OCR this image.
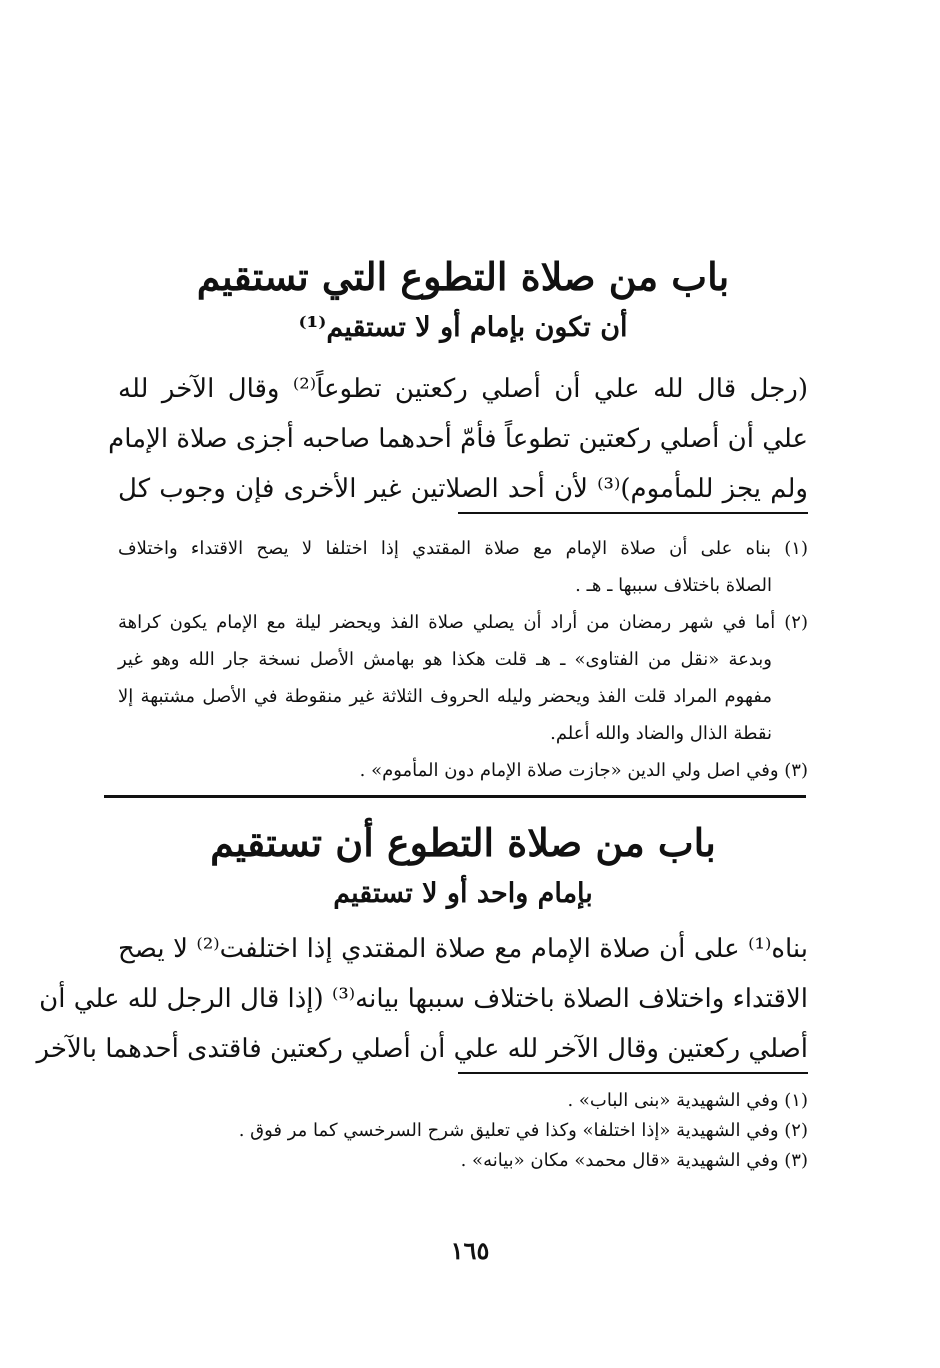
باب من صلاة التطوع التي تستقيم
أن تكون بإمام أو لا تستقيم⁽¹⁾
(رجل قال لله علي أن أصلي ركعتين تطوعاً⁽²⁾ وقال الآخر لله
علي أن أصلي ركعتين تطوعاً فأمّ أحدهما صاحبه أجزى صلاة الإمام
ولم يجز للمأموم)⁽³⁾ لأن أحد الصلاتين غير الأخرى فإن وجوب كل
(١) بناه على أن صلاة الإمام مع صلاة المقتدي إذا اختلفا لا يصح الاقتداء واختلاف
الصلاة باختلاف سببها ـ هـ .
(٢) أما في شهر رمضان من أراد أن يصلي صلاة الفذ ويحضر ليلة مع الإمام يكون كراهة
وبدعة «نقل من الفتاوى» ـ هـ قلت هكذا هو بهامش الأصل نسخة جار الله وهو غير
مفهوم المراد قلت الفذ ويحضر وليله الحروف الثلاثة غير منقوطة في الأصل مشتبهة إلا
نقطة الذال والضاد والله أعلم.
(٣) وفي اصل ولي الدين «جازت صلاة الإمام دون المأموم» .
باب من صلاة التطوع أن تستقيم
بإمام واحد أو لا تستقيم
بناه⁽¹⁾ على أن صلاة الإمام مع صلاة المقتدي إذا اختلفت⁽²⁾ لا يصح
الاقتداء واختلاف الصلاة باختلاف سببها بيانه⁽³⁾ (إذا قال الرجل لله علي أن
أصلي ركعتين وقال الآخر لله علي أن أصلي ركعتين فاقتدى أحدهما بالآخر
(١) وفي الشهيدية «بنى الباب» .
(٢) وفي الشهيدية «إذا اختلفا» وكذا في تعليق شرح السرخسي كما مر فوق .
(٣) وفي الشهيدية «قال محمد» مكان «بيانه» .
١٦٥
